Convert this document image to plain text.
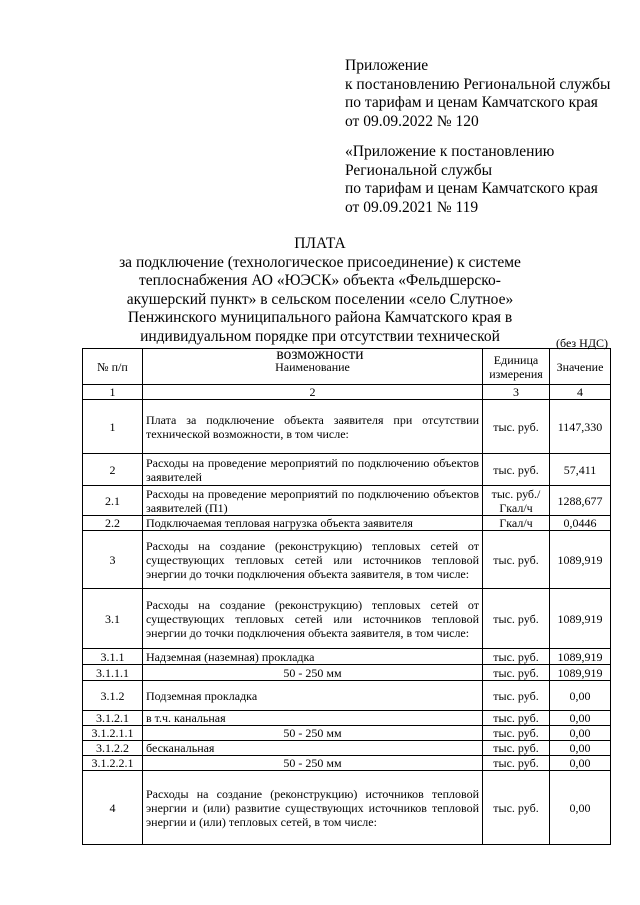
Приложение
к постановлению Региональной службы
по тарифам и ценам Камчатского края
от 09.09.2022 № 120
«Приложение к постановлению
Региональной службы
по тарифам и ценам Камчатского края
от 09.09.2021 № 119
ПЛАТА
за подключение (технологическое присоединение) к системе теплоснабжения АО «ЮЭСК» объекта «Фельдшерско-акушерский пункт» в сельском поселении «село Слутное» Пенжинского муниципального района Камчатского края в индивидуальном порядке при отсутствии технической возможности
(без НДС)
№ п/п	Наименование	Единица измерения	Значение
1	2	3	4
1	Плата за подключение объекта заявителя при отсутствии технической возможности, в том числе:	тыс. руб.	1147,330
2	Расходы на проведение мероприятий по подключению объектов заявителей	тыс. руб.	57,411
2.1	Расходы на проведение мероприятий по подключению объектов заявителей (П1)	тыс. руб./ Гкал/ч	1288,677
2.2	Подключаемая тепловая нагрузка объекта заявителя	Гкал/ч	0,0446
3	Расходы на создание (реконструкцию) тепловых сетей от существующих тепловых сетей или источников тепловой энергии до точки подключения объекта заявителя, в том числе:	тыс. руб.	1089,919
3.1	Расходы на создание (реконструкцию) тепловых сетей от существующих тепловых сетей или источников тепловой энергии до точки подключения объекта заявителя, в том числе:	тыс. руб.	1089,919
3.1.1	Надземная (наземная) прокладка	тыс. руб.	1089,919
3.1.1.1	50 - 250 мм	тыс. руб.	1089,919
3.1.2	Подземная прокладка	тыс. руб.	0,00
3.1.2.1	в т.ч. канальная	тыс. руб.	0,00
3.1.2.1.1	50 - 250 мм	тыс. руб.	0,00
3.1.2.2	бесканальная	тыс. руб.	0,00
3.1.2.2.1	50 - 250 мм	тыс. руб.	0,00
4	Расходы на создание (реконструкцию) источников тепловой энергии и (или) развитие существующих источников тепловой энергии и (или) тепловых сетей, в том числе:	тыс. руб.	0,00
